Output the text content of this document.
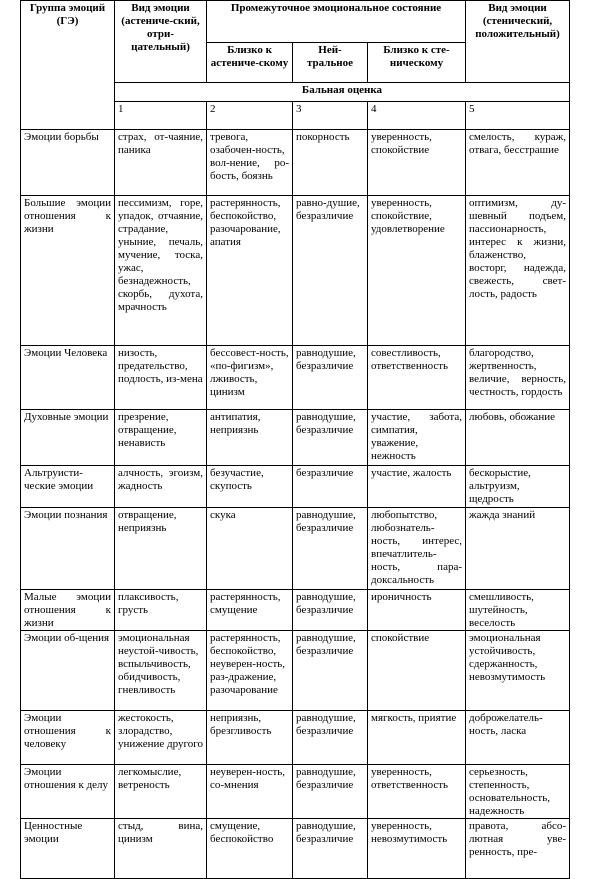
Группа эмоций (ГЭ)	Вид эмоции (астениче-ский, отри-цательный)	Промежуточное эмоциональное состояние			Вид эмоции (стенический, положительный)
		Близко к астениче-скому	Ней-тральное	Близко к сте-ническому	
	Бальная оценка				
	1	2	3	4	5
Эмоции борьбы	страх, от-чаяние, паника	тревога, озабочен-ность, вол-нение, ро-бость, боязнь	покорность	уверенность, спокойствие	смелость, кураж, отвага, бесстрашие
Большие эмоции отношения к жизни	пессимизм, горе, упадок, отчаяние, страдание, уныние, печаль, мучение, тоска, ужас, безнадежность, скорбь, духота, мрачность	растерянность, беспокойство, разочарование, апатия	равно-душие, безразличие	уверенность, спокойствие, удовлетворение	оптимизм, ду-шевный подъем, пассионарность, интерес к жизни, блаженство, восторг, надежда, свежесть, свет-лость, радость
Эмоции Человека	низость, предательство, подлость, из-мена	бессовест-ность, «по-фигизм», лживость, цинизм	равнодушие, безразличие	совестливость, ответственность	благородство, жертвенность, величие, верность, честность, гордость
Духовные эмоции	презрение, отвращение, ненависть	антипатия, неприязнь	равнодушие, безразличие	участие, забота, симпатия, уважение, нежность	любовь, обожание
Альтруисти-ческие эмоции	алчность, эгоизм, жадность	безучастие, скупость	безразличие	участие, жалость	бескорыстие, альтруизм, щедрость
Эмоции познания	отвращение, неприязнь	скука	равнодушие, безразличие	любопытство, любознатель-ность, интерес, впечатлитель-ность, пара-доксальность	жажда знаний
Малые эмоции отношения к жизни	плаксивость, грусть	растерянность, смущение	равнодушие, безразличие	ироничность	смешливость, шутейность, веселость
Эмоции об-щения	эмоциональная неустой-чивость, вспыльчивость, обидчивость, гневливость	растерянность, беспокойство, неуверен-ность, раз-дражение, разочарование	равнодушие, безразличие	спокойствие	эмоциональная устойчивость, сдержанность, невозмутимость
Эмоции отношения к человеку	жестокость, злорадство, унижение другого	неприязнь, брезгливость	равнодушие, безразличие	мягкость, приятие	доброжелатель-ность, ласка
Эмоции отношения к делу	легкомыслие, ветреность	неуверен-ность, со-мнения	равнодушие, безразличие	уверенность, ответственность	серьезность, степенность, основательность, надежность
Ценностные эмоции	стыд, вина, цинизм	смущение, беспокойство	равнодушие, безразличие	уверенность, невозмутимость	правота, абсо-лютная уве-ренность, пре-
